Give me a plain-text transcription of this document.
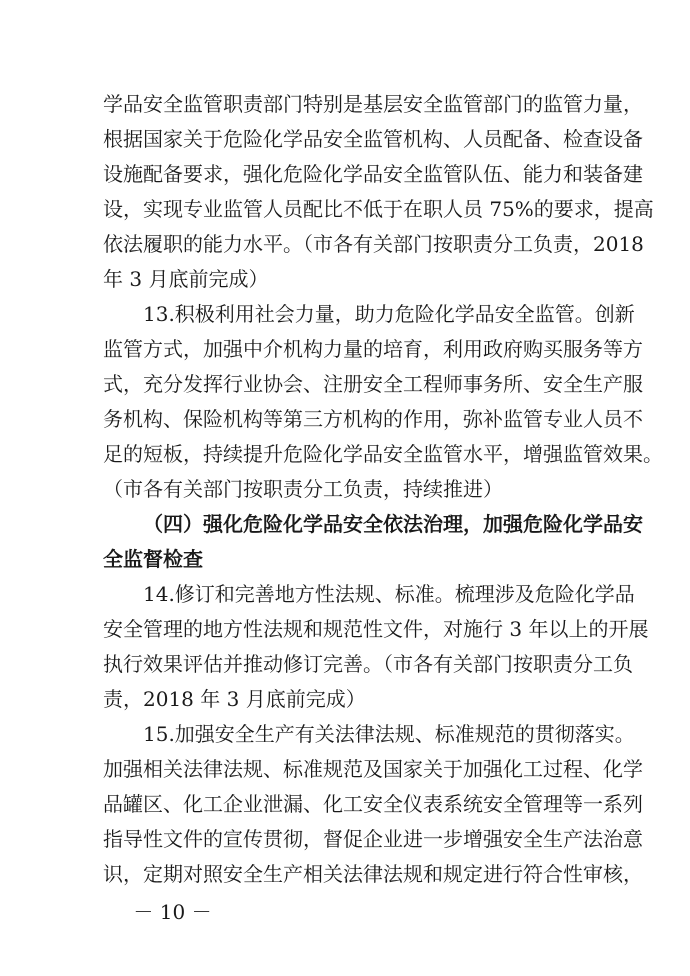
学品安全监管职责部门特别是基层安全监管部门的监管力量，
根据国家关于危险化学品安全监管机构、人员配备、检查设备
设施配备要求，强化危险化学品安全监管队伍、能力和装备建
设，实现专业监管人员配比不低于在职人员 75%的要求，提高
依法履职的能力水平。（市各有关部门按职责分工负责，2018
年 3 月底前完成）
13.积极利用社会力量，助力危险化学品安全监管。创新
监管方式，加强中介机构力量的培育，利用政府购买服务等方
式，充分发挥行业协会、注册安全工程师事务所、安全生产服
务机构、保险机构等第三方机构的作用，弥补监管专业人员不
足的短板，持续提升危险化学品安全监管水平，增强监管效果。
（市各有关部门按职责分工负责，持续推进）
（四）强化危险化学品安全依法治理，加强危险化学品安
全监督检查
14.修订和完善地方性法规、标准。梳理涉及危险化学品
安全管理的地方性法规和规范性文件，对施行 3 年以上的开展
执行效果评估并推动修订完善。（市各有关部门按职责分工负
责，2018 年 3 月底前完成）
15.加强安全生产有关法律法规、标准规范的贯彻落实。
加强相关法律法规、标准规范及国家关于加强化工过程、化学
品罐区、化工企业泄漏、化工安全仪表系统安全管理等一系列
指导性文件的宣传贯彻，督促企业进一步增强安全生产法治意
识，定期对照安全生产相关法律法规和规定进行符合性审核，
－ 10 －
